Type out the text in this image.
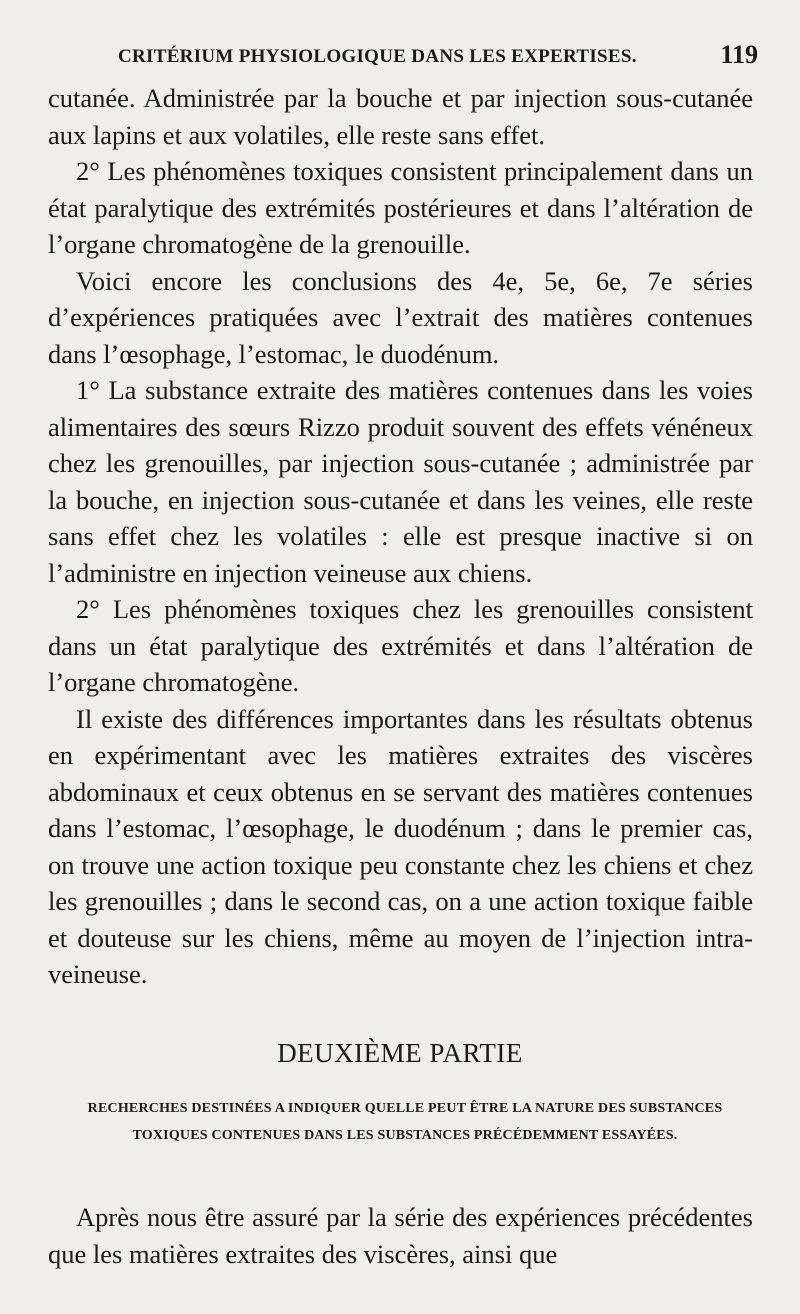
CRITÉRIUM PHYSIOLOGIQUE DANS LES EXPERTISES.	119

cutanée. Administrée par la bouche et par injection sous-cutanée aux lapins et aux volatiles, elle reste sans effet.

2° Les phénomènes toxiques consistent principalement dans un état paralytique des extrémités postérieures et dans l’altération de l’organe chromatogène de la grenouille.

Voici encore les conclusions des 4e, 5e, 6e, 7e séries d’expériences pratiquées avec l’extrait des matières contenues dans l’œsophage, l’estomac, le duodénum.

1° La substance extraite des matières contenues dans les voies alimentaires des sœurs Rizzo produit souvent des effets vénéneux chez les grenouilles, par injection sous-cutanée ; administrée par la bouche, en injection sous-cutanée et dans les veines, elle reste sans effet chez les volatiles : elle est presque inactive si on l’administre en injection veineuse aux chiens.

2° Les phénomènes toxiques chez les grenouilles consistent dans un état paralytique des extrémités et dans l’altération de l’organe chromatogène.

Il existe des différences importantes dans les résultats obtenus en expérimentant avec les matières extraites des viscères abdominaux et ceux obtenus en se servant des matières contenues dans l’estomac, l’œsophage, le duodénum ; dans le premier cas, on trouve une action toxique peu constante chez les chiens et chez les grenouilles ; dans le second cas, on a une action toxique faible et douteuse sur les chiens, même au moyen de l’injection intra-veineuse.

DEUXIÈME PARTIE
RECHERCHES DESTINÉES A INDIQUER QUELLE PEUT ÊTRE LA NATURE DES SUBSTANCES TOXIQUES CONTENUES DANS LES SUBSTANCES PRÉCÉDEMMENT ESSAYÉES.

Après nous être assuré par la série des expériences précédentes que les matières extraites des viscères, ainsi que
